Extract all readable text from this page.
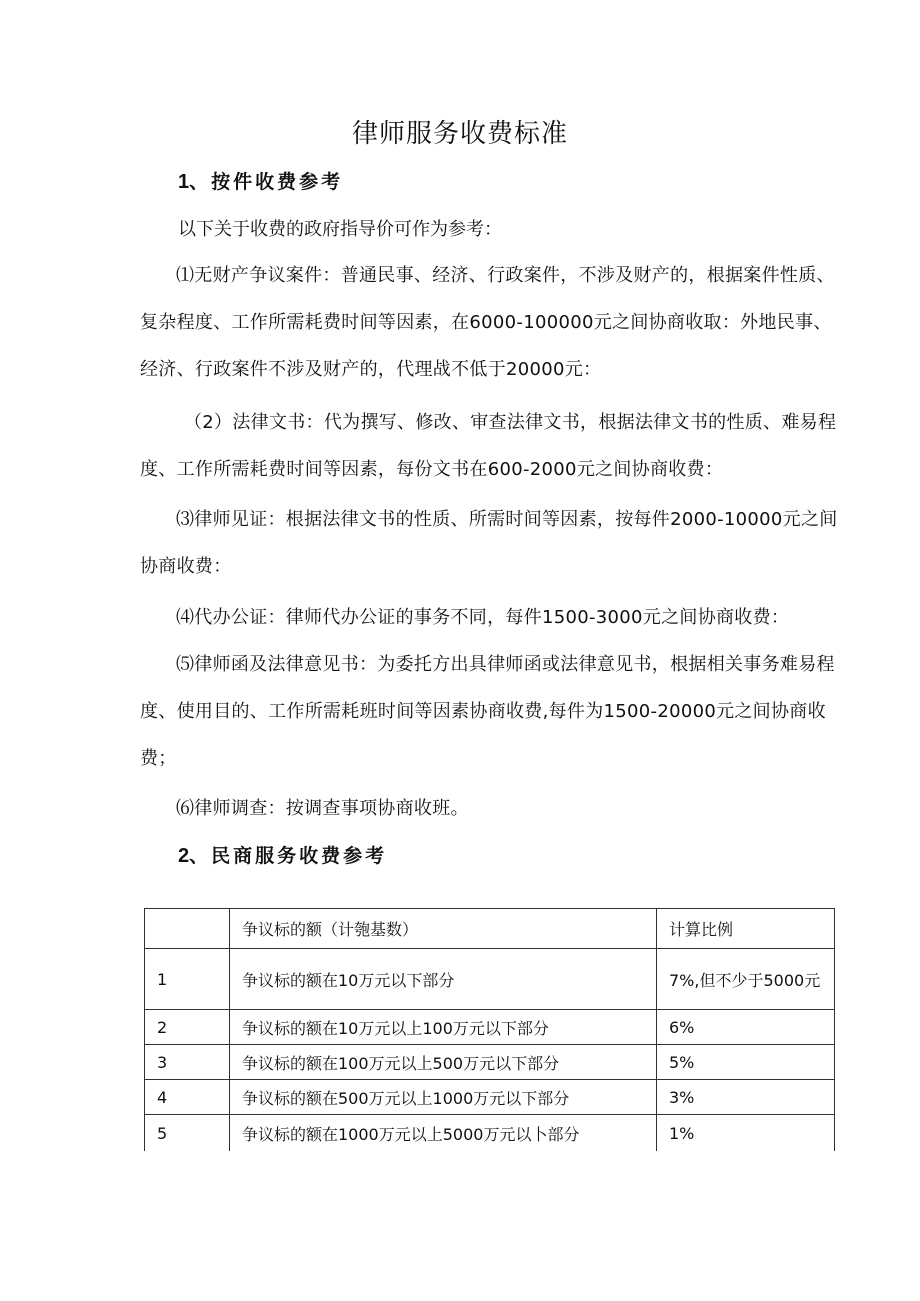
律师服务收费标准
1、按件收费参考

以下关于收费的政府指导价可作为参考：

⑴无财产争议案件：普通民事、经济、行政案件，不涉及财产的，根据案件性质、复杂程度、工作所需耗费时间等因素，在6000-100000元之间协商收取：外地民事、经济、行政案件不涉及财产的，代理战不低于20000元：

（2）法律文书：代为撰写、修改、审查法律文书，根据法律文书的性质、难易程度、工作所需耗费时间等因素，每份文书在600-2000元之间协商收费：

⑶律师见证：根据法律文书的性质、所需时间等因素，按每件2000-10000元之间协商收费：

⑷代办公证：律师代办公证的事务不同，每件1500-3000元之间协商收费：

⑸律师函及法律意见书：为委托方出具律师函或法律意见书，根据相关事务难易程度、使用目的、工作所需耗班时间等因素协商收费,每件为1500-20000元之间协商收费；

⑹律师调查：按调查事项协商收班。

2、民商服务收费参考
	争议标的额（计匏基数）	计算比例
1	争议标的额在10万元以下部分	7%,但不少于5000元
2	争议标的额在10万元以上100万元以下部分	6%
3	争议标的额在100万元以上500万元以下部分	5%
4	争议标的额在500万元以上1000万元以下部分	3%
5	争议标的额在1000万元以上5000万元以卜部分	1%
